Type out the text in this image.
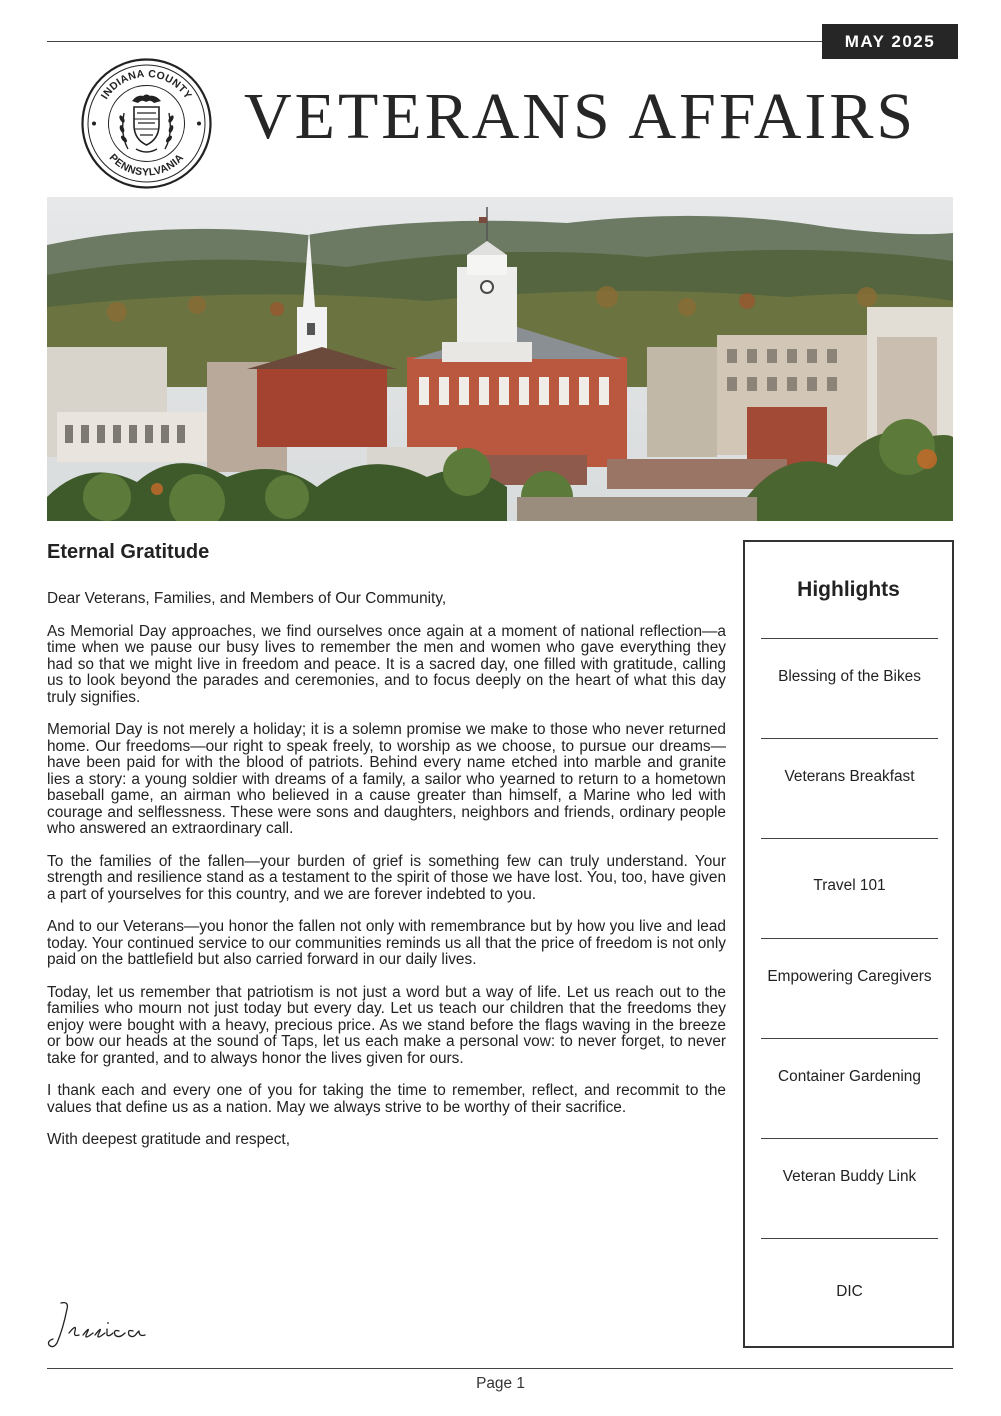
MAY 2025
INDIANA COUNTY
PENNSYLVANIA
VETERANS AFFAIRS
Eternal Gratitude

Dear Veterans, Families, and Members of Our Community,

As Memorial Day approaches, we find ourselves once again at a moment of national reflection—a time when we pause our busy lives to remember the men and women who gave everything they had so that we might live in freedom and peace. It is a sacred day, one filled with gratitude, calling us to look beyond the parades and ceremonies, and to focus deeply on the heart of what this day truly signifies.

Memorial Day is not merely a holiday; it is a solemn promise we make to those who never returned home. Our freedoms—our right to speak freely, to worship as we choose, to pursue our dreams—have been paid for with the blood of patriots. Behind every name etched into marble and granite lies a story: a young soldier with dreams of a family, a sailor who yearned to return to a hometown baseball game, an airman who believed in a cause greater than himself, a Marine who led with courage and selflessness. These were sons and daughters, neighbors and friends, ordinary people who answered an extraordinary call.

To the families of the fallen—your burden of grief is something few can truly understand. Your strength and resilience stand as a testament to the spirit of those we have lost. You, too, have given a part of yourselves for this country, and we are forever indebted to you.

And to our Veterans—you honor the fallen not only with remembrance but by how you live and lead today. Your continued service to our communities reminds us all that the price of freedom is not only paid on the battlefield but also carried forward in our daily lives.

Today, let us remember that patriotism is not just a word but a way of life. Let us reach out to the families who mourn not just today but every day. Let us teach our children that the freedoms they enjoy were bought with a heavy, precious price. As we stand before the flags waving in the breeze or bow our heads at the sound of Taps, let us each make a personal vow: to never forget, to never take for granted, and to always honor the lives given for ours.

I thank each and every one of you for taking the time to remember, reflect, and recommit to the values that define us as a nation. May we always strive to be worthy of their sacrifice.

With deepest gratitude and respect,

Highlights
Blessing of the Bikes
Veterans Breakfast
Travel 101
Empowering Caregivers
Container Gardening
Veteran Buddy Link
DIC
Page 1
